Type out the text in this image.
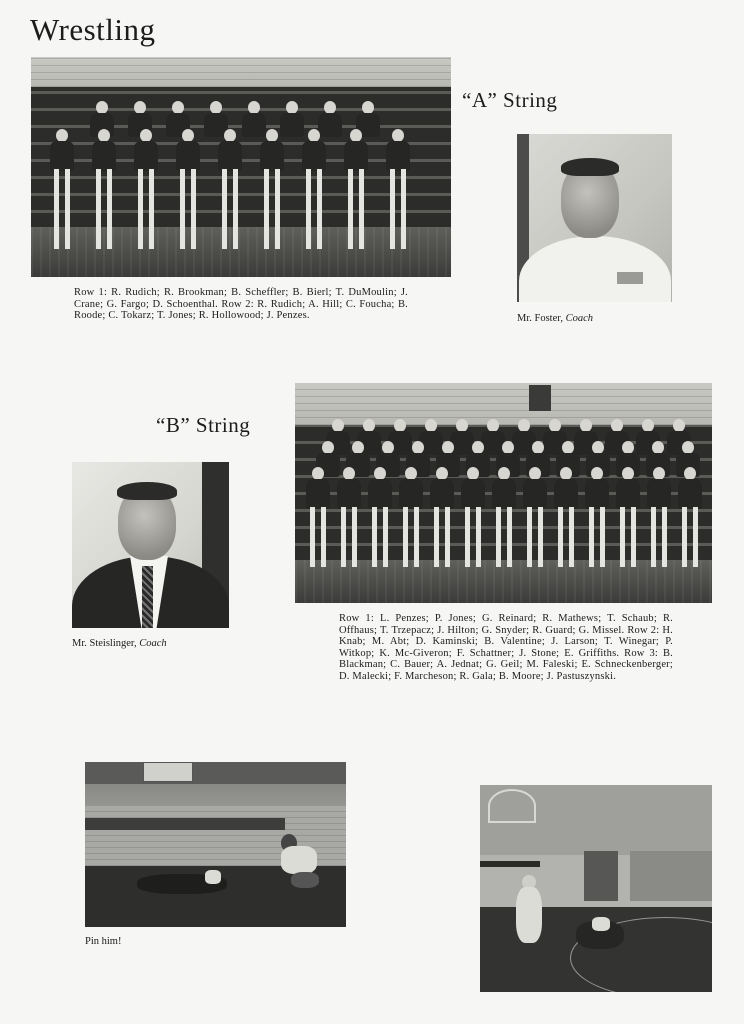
Wrestling
“A” String
Row 1: R. Rudich; R. Brookman; B. Scheffler; B. Bierl; T. DuMoulin; J. Crane; G. Fargo; D. Schoenthal. Row 2: R. Rudich; A. Hill; C. Foucha; B. Roode; C. Tokarz; T. Jones; R. Hollowood; J. Penzes.	Mr. Foster, Coach
“B” String
Row 1: L. Penzes; P. Jones; G. Reinard; R. Mathews; T. Schaub; R. Offhaus; T. Trzepacz; J. Hilton; G. Snyder; R. Guard; G. Missel. Row 2: H. Knab; M. Abt; D. Kaminski; B. Valentine; J. Larson; T. Winegar; P. Witkop; K. Mc-Giveron; F. Schattner; J. Stone; E. Griffiths. Row 3: B. Blackman; C. Bauer; A. Jednat; G. Geil; M. Faleski; E. Schneckenberger; D. Malecki; F. Marcheson; R. Gala; B. Moore; J. Pastuszynski.
Mr. Steislinger, Coach
Pin him!
